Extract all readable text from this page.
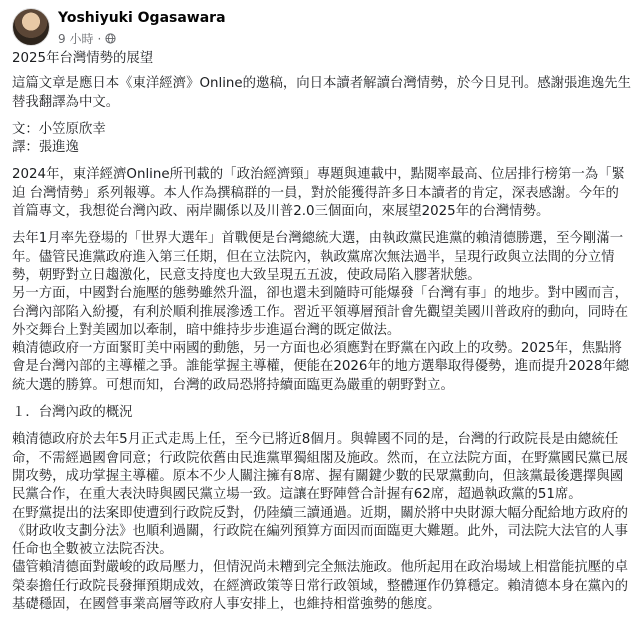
Yoshiyuki Ogasawara
9 小時 ·

2025年台灣情勢的展望

這篇文章是應日本《東洋經濟》Online的邀稿，向日本讀者解讀台灣情勢，於今日見刊。感謝張進逸先生替我翻譯為中文。

文：小笠原欣幸

譯：張進逸

2024年，東洋經濟Online所刊載的「政治經濟頸」專題與連載中，點閱率最高、位居排行榜第一為「緊迫 台灣情勢」系列報導。本人作為撰稿群的一員，對於能獲得許多日本讀者的肯定，深表感謝。今年的首篇專文，我想從台灣內政、兩岸關係以及川普2.0三個面向，來展望2025年的台灣情勢。

去年1月率先登場的「世界大選年」首戰便是台灣總統大選，由執政黨民進黨的賴清德勝選，至今剛滿一年。儘管民進黨政府進入第三任期，但在立法院內，執政黨席次無法過半，呈現行政與立法間的分立情勢，朝野對立日趨激化，民意支持度也大致呈現五五波，使政局陷入膠著狀態。

另一方面，中國對台施壓的態勢雖然升溫，卻也還未到隨時可能爆發「台灣有事」的地步。對中國而言，台灣內部陷入紛擾，有利於順利推展滲透工作。習近平領導層預計會先觀望美國川普政府的動向，同時在外交舞台上對美國加以牽制，暗中維持步步進逼台灣的既定做法。

賴清德政府一方面緊盯美中兩國的動態，另一方面也必須應對在野黨在內政上的攻勢。2025年，焦點將會是台灣內部的主導權之爭。誰能掌握主導權，便能在2026年的地方選舉取得優勢，進而提升2028年總統大選的勝算。可想而知，台灣的政局恐將持續面臨更為嚴重的朝野對立。

１．台灣內政的概況

賴清德政府於去年5月正式走馬上任，至今已將近8個月。與韓國不同的是，台灣的行政院長是由總統任命，不需經過國會同意；行政院依舊由民進黨單獨組閣及施政。然而，在立法院方面，在野黨國民黨已展開攻勢，成功掌握主導權。原本不少人關注擁有8席、握有關鍵少數的民眾黨動向，但該黨最後選擇與國民黨合作，在重大表決時與國民黨立場一致。這讓在野陣營合計握有62席，超過執政黨的51席。

在野黨提出的法案即使遭到行政院反對，仍陸續三讀通過。近期，關於將中央財源大幅分配給地方政府的《財政收支劃分法》也順利過關，行政院在編列預算方面因而面臨更大難題。此外，司法院大法官的人事任命也全數被立法院否決。

儘管賴清德面對嚴峻的政局壓力，但情況尚未糟到完全無法施政。他所起用在政治場域上相當能抗壓的卓榮泰擔任行政院長發揮預期成效，在經濟政策等日常行政領域，整體運作仍算穩定。賴清德本身在黨內的基礎穩固，在國營事業高層等政府人事安排上，也維持相當強勢的態度。
